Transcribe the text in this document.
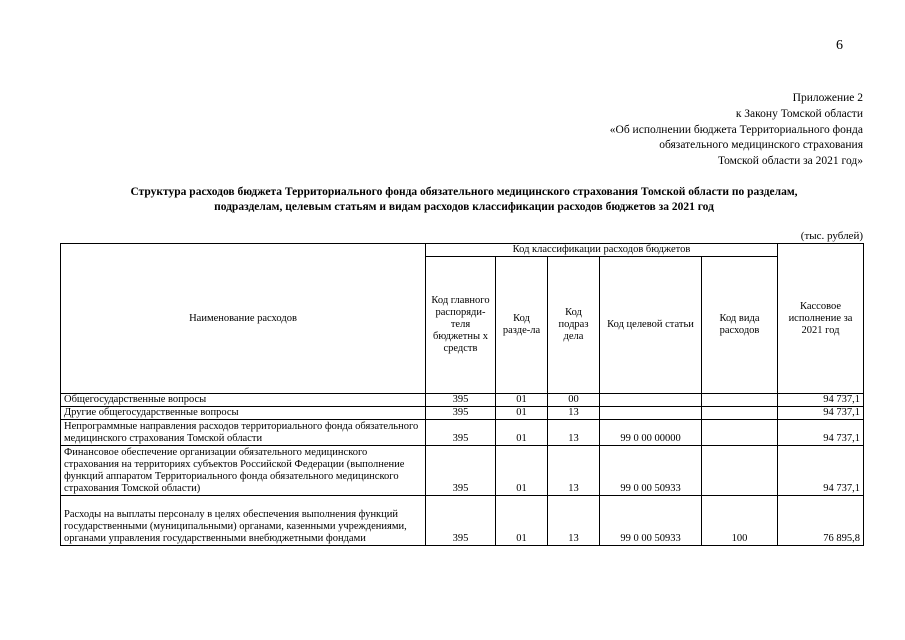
6
Приложение 2
к Закону Томской области
«Об исполнении бюджета Территориального фонда
обязательного медицинского страхования
Томской области за 2021 год»
Структура расходов бюджета Территориального фонда обязательного медицинского страхования Томской области по разделам,
подразделам, целевым статьям и видам расходов классификации расходов бюджетов за 2021 год
(тыс. рублей)
Наименование расходов	Код классификации расходов бюджетов					Кассовое исполнение за 2021 год
	Код главного распоряди-теля бюджетны х средств	Код разде-ла	Код подраз дела	Код целевой статьи	Код вида расходов	
Общегосударственные вопросы	395	01	00			94 737,1
Другие общегосударственные вопросы	395	01	13			94 737,1
Непрограммные направления расходов территориального фонда обязательного медицинского страхования Томской области	395	01	13	99 0 00 00000		94 737,1
Финансовое обеспечение организации обязательного медицинского страхования на территориях субъектов Российской Федерации (выполнение функций аппаратом Территориального фонда обязательного медицинского страхования Томской области)	395	01	13	99 0 00 50933		94 737,1
Расходы на выплаты персоналу в целях обеспечения выполнения функций государственными (муниципальными) органами, казенными учреждениями, органами управления государственными внебюджетными фондами	395	01	13	99 0 00 50933	100	76 895,8
